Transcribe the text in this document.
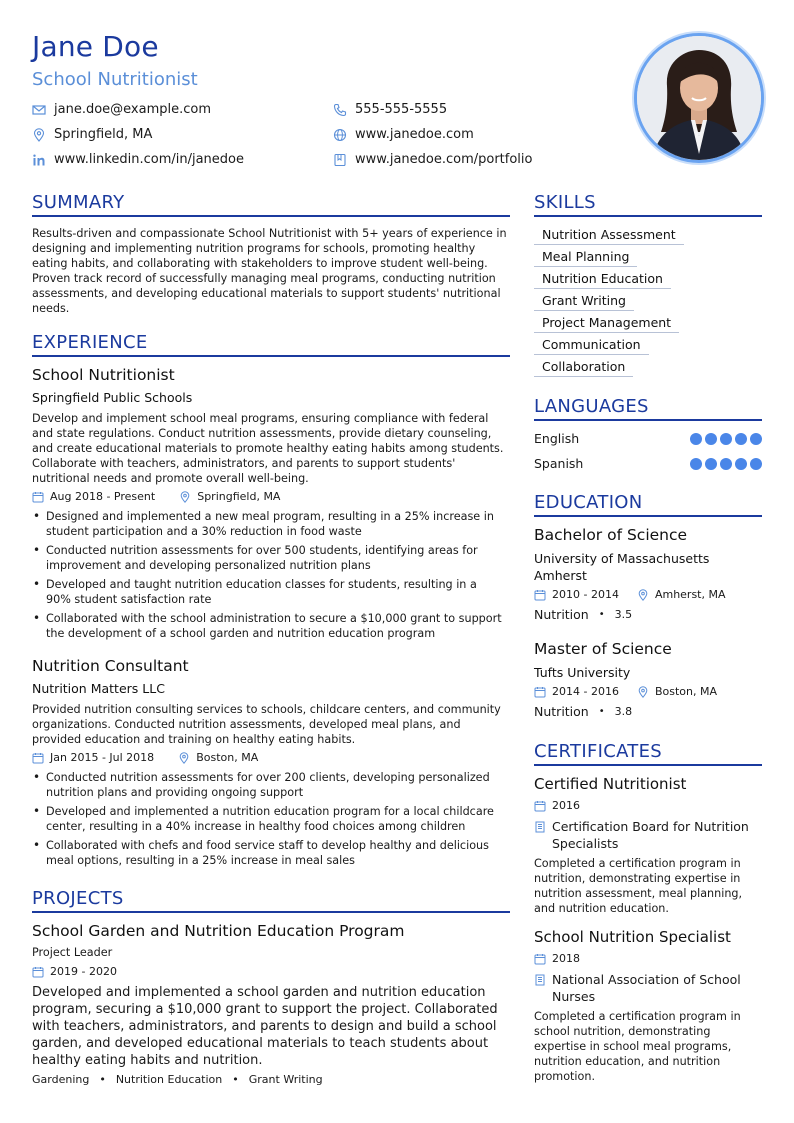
Jane Doe
School Nutritionist
jane.doe@example.com	555-555-5555
Springfield, MA	www.janedoe.com
www.linkedin.com/in/janedoe	www.janedoe.com/portfolio
SUMMARY
Results-driven and compassionate School Nutritionist with 5+ years of experience in designing and implementing nutrition programs for schools, promoting healthy eating habits, and collaborating with stakeholders to improve student well-being. Proven track record of successfully managing meal programs, conducting nutrition assessments, and developing educational materials to support students' nutritional needs.
EXPERIENCE
School Nutritionist
Springfield Public Schools
Develop and implement school meal programs, ensuring compliance with federal and state regulations. Conduct nutrition assessments, provide dietary counseling, and create educational materials to promote healthy eating habits among students. Collaborate with teachers, administrators, and parents to support students' nutritional needs and promote overall well-being.
Aug 2018 - Present	Springfield, MA
• Designed and implemented a new meal program, resulting in a 25% increase in student participation and a 30% reduction in food waste
• Conducted nutrition assessments for over 500 students, identifying areas for improvement and developing personalized nutrition plans
• Developed and taught nutrition education classes for students, resulting in a 90% student satisfaction rate
• Collaborated with the school administration to secure a $10,000 grant to support the development of a school garden and nutrition education program
Nutrition Consultant
Nutrition Matters LLC
Provided nutrition consulting services to schools, childcare centers, and community organizations. Conducted nutrition assessments, developed meal plans, and provided education and training on healthy eating habits.
Jan 2015 - Jul 2018	Boston, MA
• Conducted nutrition assessments for over 200 clients, developing personalized nutrition plans and providing ongoing support
• Developed and implemented a nutrition education program for a local childcare center, resulting in a 40% increase in healthy food choices among children
• Collaborated with chefs and food service staff to develop healthy and delicious meal options, resulting in a 25% increase in meal sales
PROJECTS
School Garden and Nutrition Education Program
Project Leader
2019 - 2020
Developed and implemented a school garden and nutrition education program, securing a $10,000 grant to support the project. Collaborated with teachers, administrators, and parents to design and build a school garden, and developed educational materials to teach students about healthy eating habits and nutrition.
Gardening • Nutrition Education • Grant Writing
SKILLS
Nutrition Assessment
Meal Planning
Nutrition Education
Grant Writing
Project Management
Communication
Collaboration
LANGUAGES
English
Spanish
EDUCATION
Bachelor of Science
University of Massachusetts Amherst
2010 - 2014	Amherst, MA
Nutrition • 3.5
Master of Science
Tufts University
2014 - 2016	Boston, MA
Nutrition • 3.8
CERTIFICATES
Certified Nutritionist
2016
Certification Board for Nutrition Specialists
Completed a certification program in nutrition, demonstrating expertise in nutrition assessment, meal planning, and nutrition education.
School Nutrition Specialist
2018
National Association of School Nurses
Completed a certification program in school nutrition, demonstrating expertise in school meal programs, nutrition education, and nutrition promotion.
